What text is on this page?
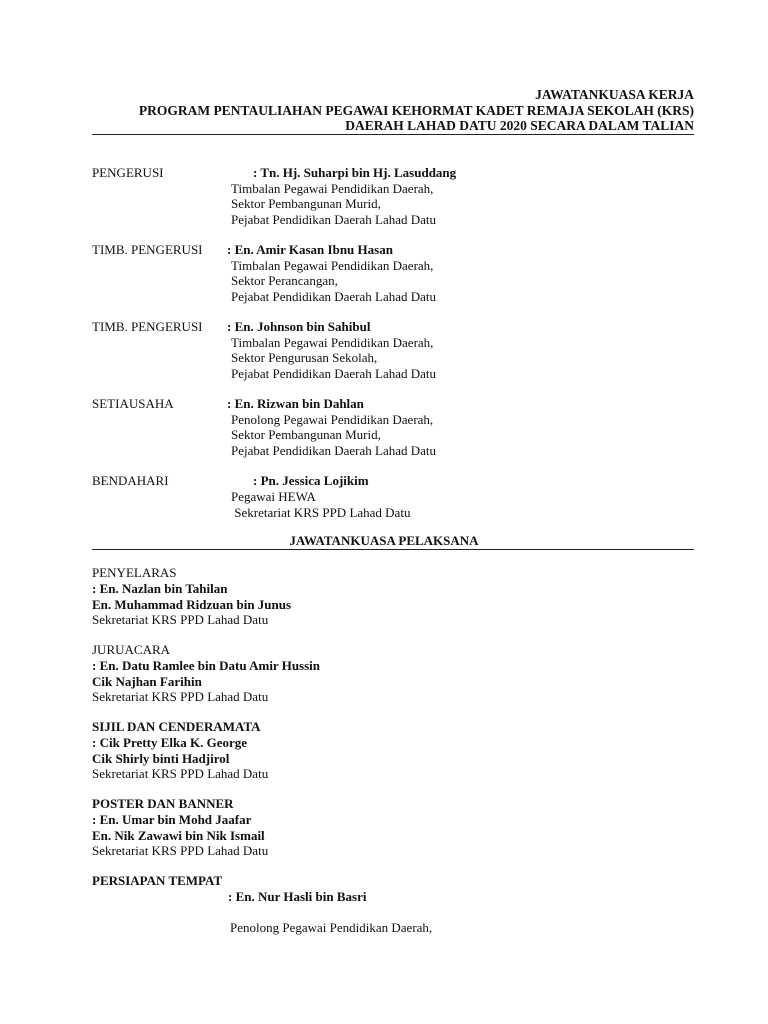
JAWATANKUASA KERJA
PROGRAM PENTAULIAHAN PEGAWAI KEHORMAT KADET REMAJA SEKOLAH (KRS)
DAERAH LAHAD DATU 2020 SECARA DALAM TALIAN
PENGERUSI	: Tn. Hj. Suharpi bin Hj. Lasuddang
Timbalan Pegawai Pendidikan Daerah,
Sektor Pembangunan Murid,
Pejabat Pendidikan Daerah Lahad Datu
TIMB. PENGERUSI : En. Amir Kasan Ibnu Hasan
Timbalan Pegawai Pendidikan Daerah,
Sektor Perancangan,
Pejabat Pendidikan Daerah Lahad Datu
TIMB. PENGERUSI : En. Johnson bin Sahibul
Timbalan Pegawai Pendidikan Daerah,
Sektor Pengurusan Sekolah,
Pejabat Pendidikan Daerah Lahad Datu
SETIAUSAHA	: En. Rizwan bin Dahlan
Penolong Pegawai Pendidikan Daerah,
Sektor Pembangunan Murid,
Pejabat Pendidikan Daerah Lahad Datu
BENDAHARI	: Pn. Jessica Lojikim
Pegawai HEWA
Sekretariat KRS PPD Lahad Datu
JAWATANKUASA PELAKSANA
PENYELARAS
: En. Nazlan bin Tahilan
En. Muhammad Ridzuan bin Junus
Sekretariat KRS PPD Lahad Datu
JURUACARA
: En. Datu Ramlee bin Datu Amir Hussin
Cik Najhan Farihin
Sekretariat KRS PPD Lahad Datu
SIJIL DAN CENDERAMATA
: Cik Pretty Elka K. George
Cik Shirly binti Hadjirol
Sekretariat KRS PPD Lahad Datu
POSTER DAN BANNER
: En. Umar bin Mohd Jaafar
En. Nik Zawawi bin Nik Ismail
Sekretariat KRS PPD Lahad Datu
PERSIAPAN TEMPAT
: En. Nur Hasli bin Basri
Penolong Pegawai Pendidikan Daerah,
